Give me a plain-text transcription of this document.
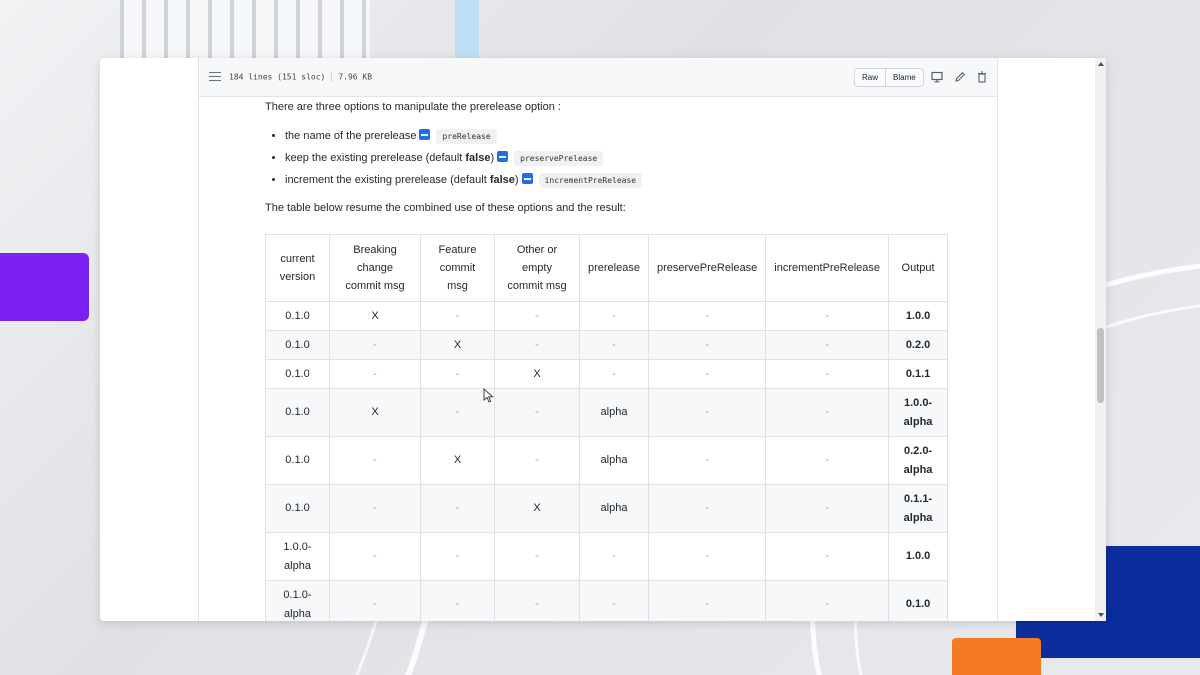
184 lines (151 sloc) 7.96 KB	Raw	Blame

There are three options to manipulate the prerelease option :

• the name of the prerelease	preRelease
• keep the existing prerelease (default false)	preservePrelease
• increment the existing prerelease (default false)	incrementPreRelease

The table below resume the combined use of these options and the result:

current version	Breaking change commit msg	Feature commit msg	Other or empty commit msg	prerelease	preservePreRelease	incrementPreRelease	Output
0.1.0	X	-	-	-	-	-	1.0.0
0.1.0	-	X	-	-	-	-	0.2.0
0.1.0	-	-	X	-	-	-	0.1.1
0.1.0	X	-	-	alpha	-	-	1.0.0-alpha
0.1.0	-	X	-	alpha	-	-	0.2.0-alpha
0.1.0	-	-	X	alpha	-	-	0.1.1-alpha
1.0.0-alpha	-	-	-	-	-	-	1.0.0
0.1.0-alpha	-	-	-	-	-	-	0.1.0
